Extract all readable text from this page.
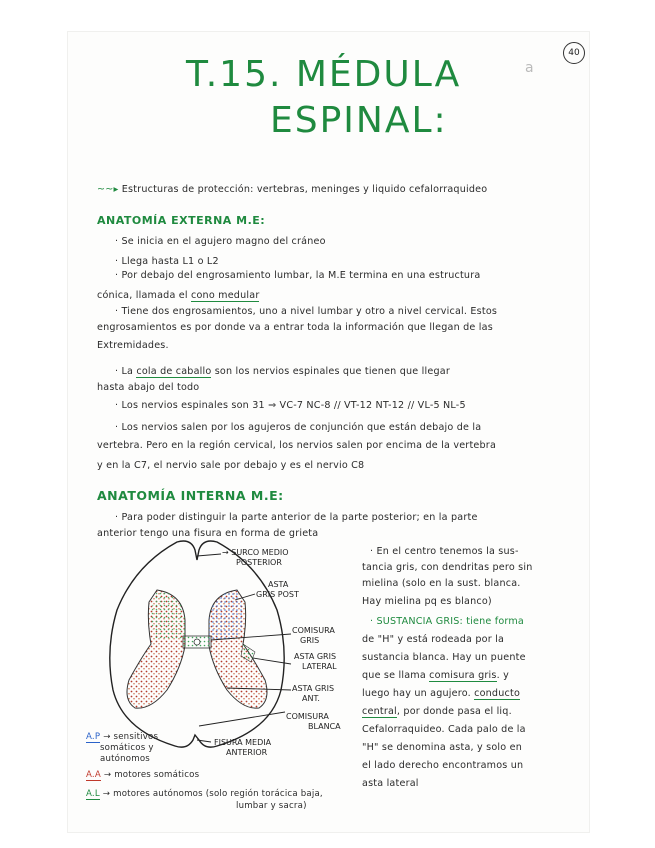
40
a
T.15. MÉDULA
ESPINAL:
~~▸ Estructuras de protección: vertebras, meninges y liquido cefalorraquideo
ANATOMÍA EXTERNA M.E:
· Se inicia en el agujero magno del cráneo
· Llega hasta L1 o L2
· Por debajo del engrosamiento lumbar, la M.E termina en una estructura
cónica, llamada el cono medular
· Tiene dos engrosamientos, uno a nivel lumbar y otro a nivel cervical. Estos
engrosamientos es por donde va a entrar toda la información que llegan de las
Extremidades.
· La cola de caballo son los nervios espinales que tienen que llegar
hasta abajo del todo
· Los nervios espinales son 31 ⇒ VC-7 NC-8 // VT-12 NT-12 // VL-5 NL-5
· Los nervios salen por los agujeros de conjunción que están debajo de la
vertebra. Pero en la región cervical, los nervios salen por encima de la vertebra
y en la C7, el nervio sale por debajo y es el nervio C8
ANATOMÍA INTERNA M.E:
· Para poder distinguir la parte anterior de la parte posterior; en la parte
anterior tengo una fisura en forma de grieta
· En el centro tenemos la sus-
tancia gris, con dendritas pero sin
mielina (solo en la sust. blanca.
Hay mielina pq es blanco)
· SUSTANCIA GRIS: tiene forma
de "H" y está rodeada por la
sustancia blanca. Hay un puente
que se llama comisura gris. y
luego hay un agujero. conducto
central, por donde pasa el liq.
Cefalorraquideo. Cada palo de la
"H" se denomina asta, y solo en
el lado derecho encontramos un
asta lateral
→ SURCO MEDIO
POSTERIOR
ASTA
GRIS POST
COMISURA
GRIS
ASTA GRIS
LATERAL
ASTA GRIS
ANT.
COMISURA
BLANCA
FISURA MEDIA
ANTERIOR
A.P → sensitivos
somáticos y
autónomos
A.A → motores somáticos
A.L → motores autónomos (solo región torácica baja,
lumbar y sacra)
